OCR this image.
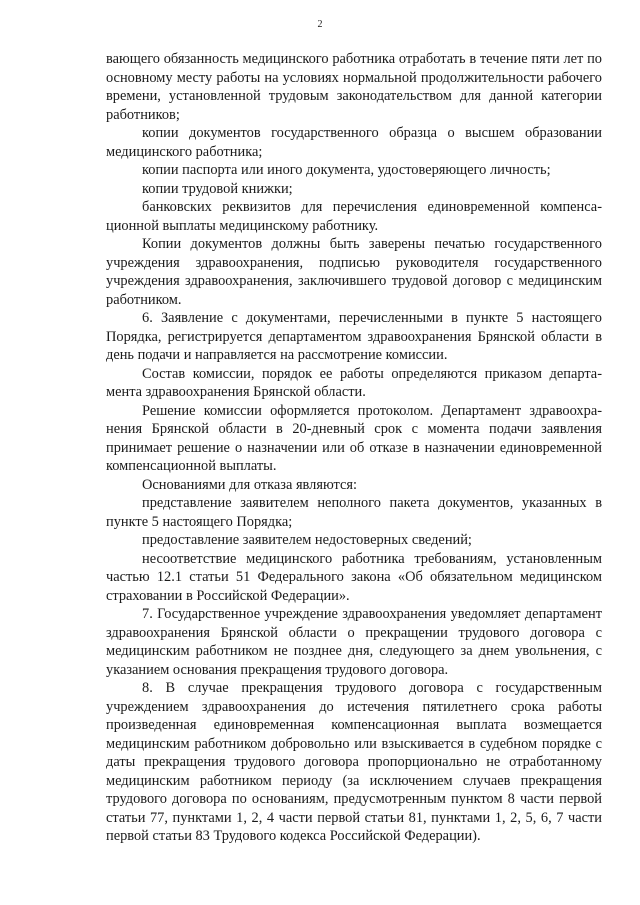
2

вающего обязанность медицинского работника отработать в течение пяти лет по основному месту работы на условиях нормальной продолжительности рабочего времени, установленной трудовым законодательством для данной категории работников;

копии документов государственного образца о высшем образовании медицинского работника;

копии паспорта или иного документа, удостоверяющего личность;

копии трудовой книжки;

банковских реквизитов для перечисления единовременной компенсационной выплаты медицинскому работнику.

Копии документов должны быть заверены печатью государственного учреждения здравоохранения, подписью руководителя государственного учреждения здравоохранения, заключившего трудовой договор с медицинским работником.

6. Заявление с документами, перечисленными в пункте 5 настоящего Порядка, регистрируется департаментом здравоохранения Брянской области в день подачи и направляется на рассмотрение комиссии.

Состав комиссии, порядок ее работы определяются приказом департамента здравоохранения Брянской области.

Решение комиссии оформляется протоколом. Департамент здравоохранения Брянской области в 20-дневный срок с момента подачи заявления принимает решение о назначении или об отказе в назначении единовременной компенсационной выплаты.

Основаниями для отказа являются:

представление заявителем неполного пакета документов, указанных в пункте 5 настоящего Порядка;

предоставление заявителем недостоверных сведений;

несоответствие медицинского работника требованиям, установленным частью 12.1 статьи 51 Федерального закона «Об обязательном медицинском страховании в Российской Федерации».

7. Государственное учреждение здравоохранения уведомляет департамент здравоохранения Брянской области о прекращении трудового договора с медицинским работником не позднее дня, следующего за днем увольнения, с указанием основания прекращения трудового договора.

8. В случае прекращения трудового договора с государственным учреждением здравоохранения до истечения пятилетнего срока работы произведенная единовременная компенсационная выплата возмещается медицинским работником добровольно или взыскивается в судебном порядке с даты прекращения трудового договора пропорционально не отработанному медицинским работником периоду (за исключением случаев прекращения трудового договора по основаниям, предусмотренным пунктом 8 части первой статьи 77, пунктами 1, 2, 4 части первой статьи 81, пунктами 1, 2, 5, 6, 7 части первой статьи 83 Трудового кодекса Российской Федерации).
